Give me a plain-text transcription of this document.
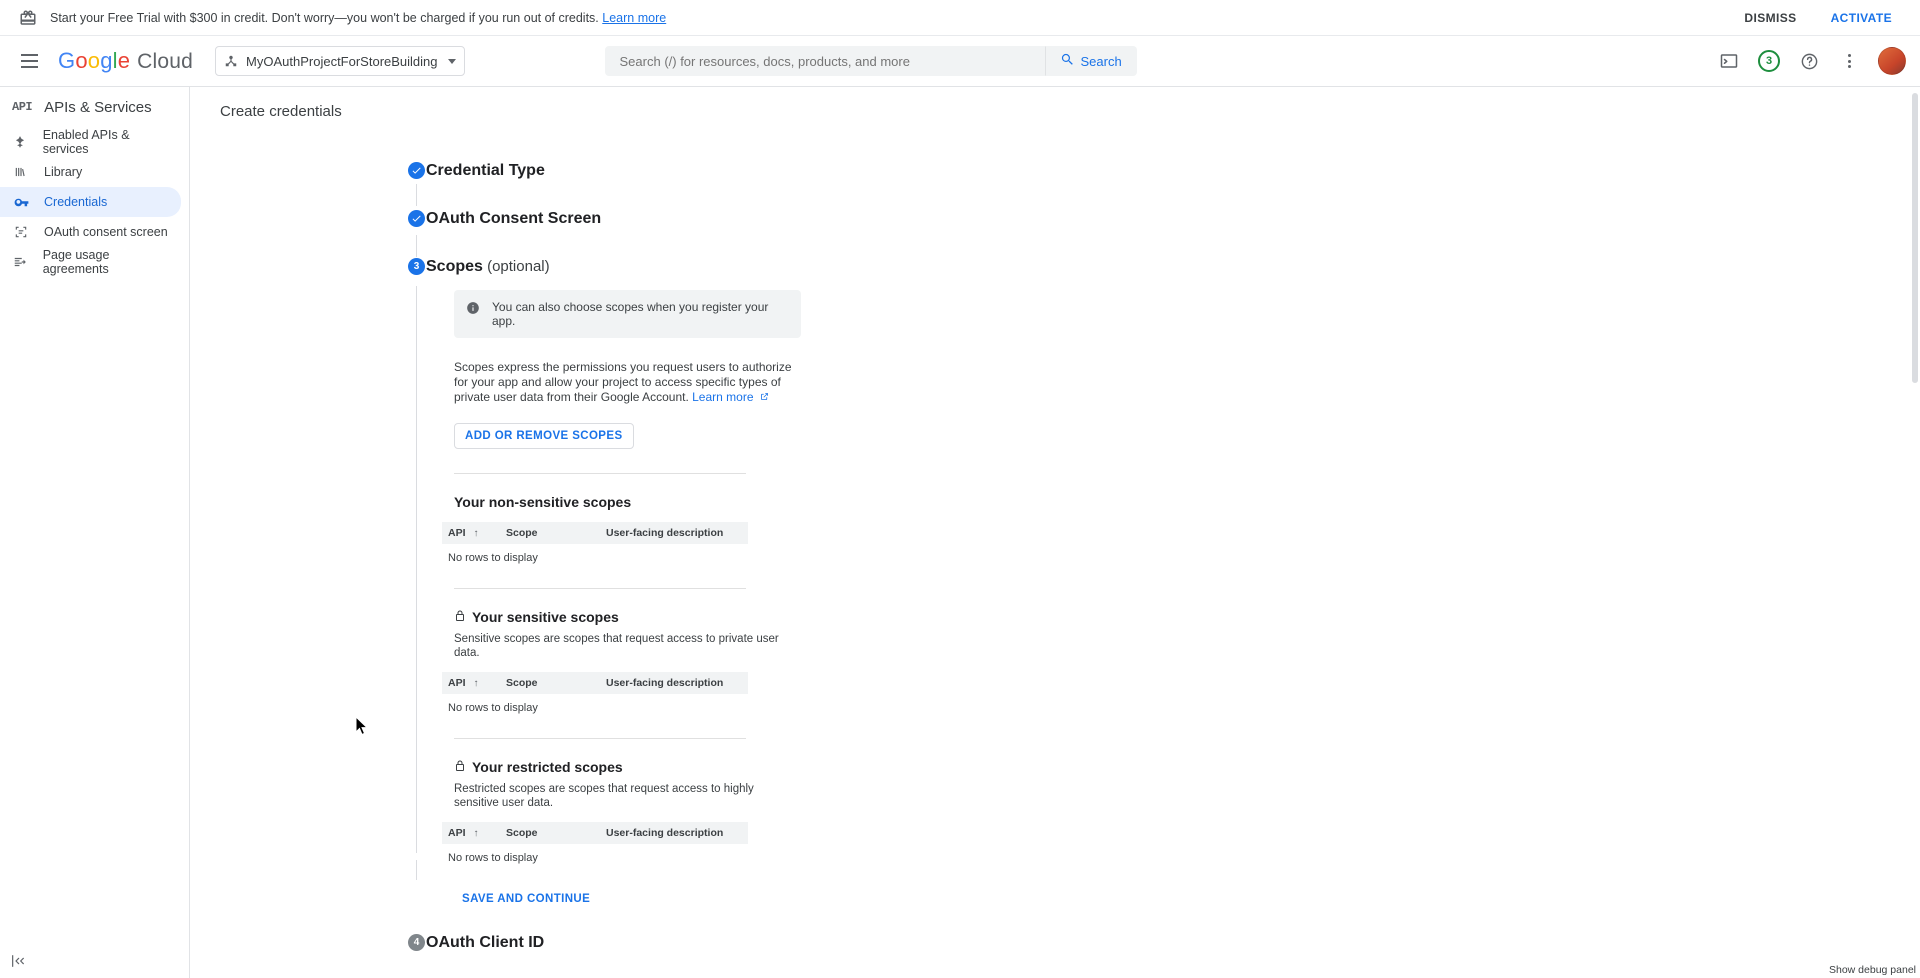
Start your Free Trial with $300 in credit. Don't worry—you won't be charged if you run out of credits. Learn more	DISMISS	ACTIVATE
G o o g l e Cloud	MyOAuthProjectForStoreBuilding
Search (/) for resources, docs, products, and more	Search	3
API APIs & Services
Enabled APIs & services
Library
Credentials
OAuth consent screen
Page usage agreements
Create credentials
Credential Type
OAuth Consent Screen
3 Scopes (optional)
You can also choose scopes when you register your app.
Scopes express the permissions you request users to authorize for your app and allow your project to access specific types of private user data from their Google Account. Learn more
ADD OR REMOVE SCOPES
Your non-sensitive scopes
API ↑	Scope	User-facing description
No rows to display
Your sensitive scopes
Sensitive scopes are scopes that request access to private user data.
API ↑	Scope	User-facing description
No rows to display
Your restricted scopes
Restricted scopes are scopes that request access to highly sensitive user data.
API ↑	Scope	User-facing description
No rows to display
SAVE AND CONTINUE
4 OAuth Client ID
Show debug panel
